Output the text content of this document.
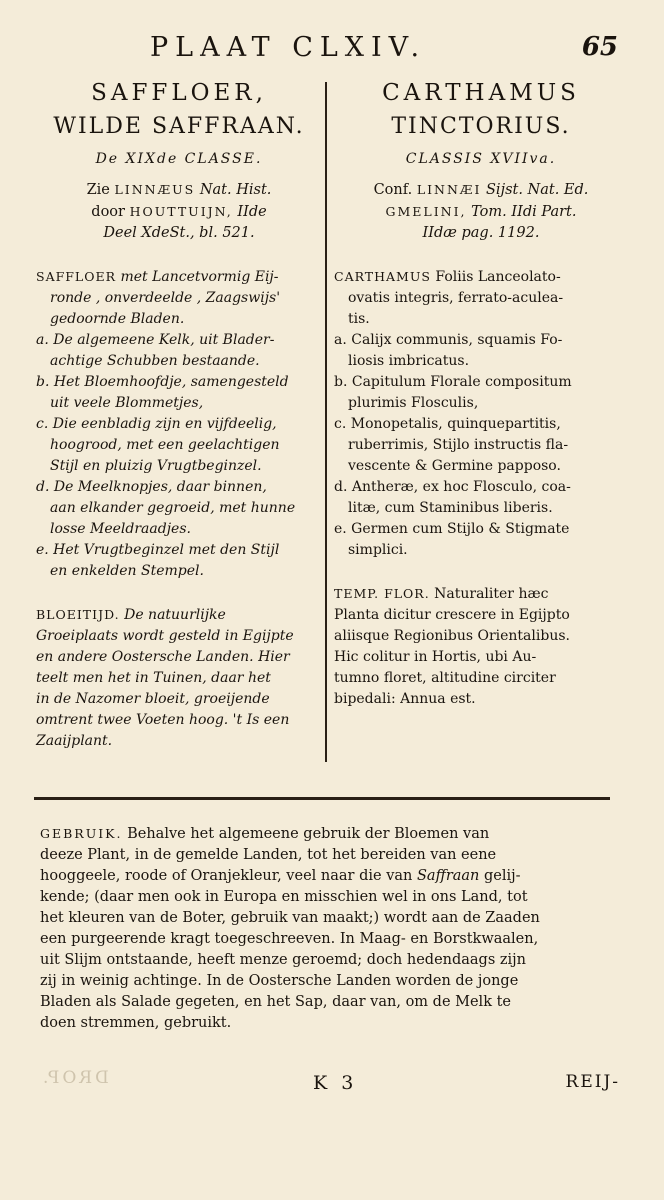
PLAAT CLXIV.	65
SAFFLOER,
WILDE SAFFRAAN.
De XIXde CLASSE.
Zie LINNÆUS Nat. Hist.
door HOUTTUIJN, IIde
Deel XdeSt., bl. 521.
SAFFLOER met Lancetvormig Eij-
ronde , onverdeelde , Zaagswijs'
gedoornde Bladen.
a. De algemeene Kelk, uit Blader-
achtige Schubben bestaande.
b. Het Bloemhoofdje, samengesteld
uit veele Blommetjes,
c. Die eenbladig zijn en vijfdeelig,
hoogrood, met een geelachtigen
Stijl en pluizig Vrugtbeginzel.
d. De Meelknopjes, daar binnen,
aan elkander gegroeid, met hunne
losse Meeldraadjes.
e. Het Vrugtbeginzel met den Stijl
en enkelden Stempel.
BLOEITIJD. De natuurlijke
Groeiplaats wordt gesteld in Egijpte
en andere Oostersche Landen. Hier
teelt men het in Tuinen, daar het
in de Nazomer bloeit, groeijende
omtrent twee Voeten hoog. 't Is een
Zaaijplant.
CARTHAMUS
TINCTORIUS.
CLASSIS XVIIva.
Conf. LINNÆI Sijst. Nat. Ed.
GMELINI, Tom. IIdi Part.
IIdæ pag. 1192.
CARTHAMUS Foliis Lanceolato-
ovatis integris, ferrato-aculea-
tis.
a. Calijx communis, squamis Fo-
liosis imbricatus.
b. Capitulum Florale compositum
plurimis Flosculis,
c. Monopetalis, quinquepartitis,
ruberrimis, Stijlo instructis fla-
vescente & Germine papposo.
d. Antheræ, ex hoc Flosculo, coa-
litæ, cum Staminibus liberis.
e. Germen cum Stijlo & Stigmate
simplici.
TEMP. FLOR. Naturaliter hæc
Planta dicitur crescere in Egijpto
aliisque Regionibus Orientalibus.
Hic colitur in Hortis, ubi Au-
tumno floret, altitudine circiter
bipedali: Annua est.
GEBRUIK. Behalve het algemeene gebruik der Bloemen van
deeze Plant, in de gemelde Landen, tot het bereiden van eene
hooggeele, roode of Oranjekleur, veel naar die van Saffraan gelij-
kende; (daar men ook in Europa en misschien wel in ons Land, tot
het kleuren van de Boter, gebruik van maakt;) wordt aan de Zaaden
een purgeerende kragt toegeschreeven. In Maag- en Borstkwaalen,
uit Slijm ontstaande, heeft menze geroemd; doch hedendaags zijn
zij in weinig achtinge. In de Oostersche Landen worden de jonge
Bladen als Salade gegeten, en het Sap, daar van, om de Melk te
doen stremmen, gebruikt.
DROP.	K 3	REIJ-
